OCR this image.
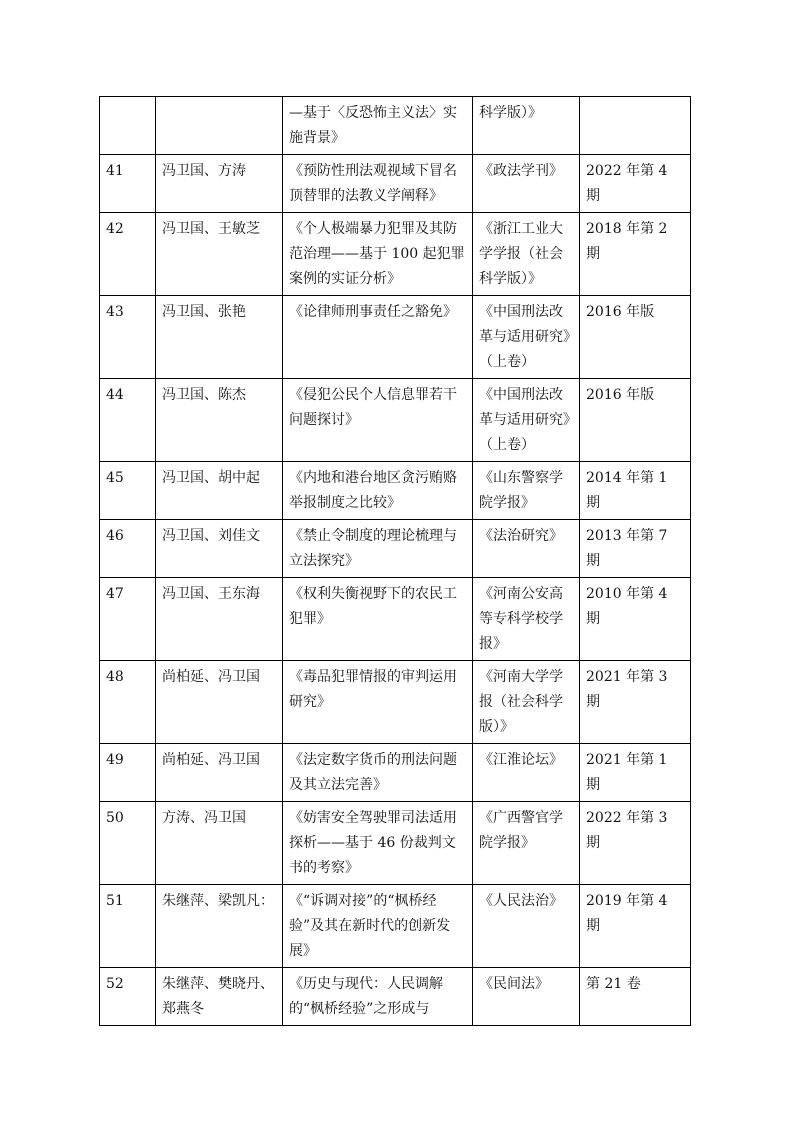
		—基于〈反恐怖主义法〉实施背景》	科学版）》	
41	冯卫国、方涛	《预防性刑法观视域下冒名顶替罪的法教义学阐释》	《政法学刊》	2022 年第 4 期
42	冯卫国、王敏芝	《个人极端暴力犯罪及其防范治理——基于 100 起犯罪案例的实证分析》	《浙江工业大学学报（社会科学版）》	2018 年第 2 期
43	冯卫国、张艳	《论律师刑事责任之豁免》	《中国刑法改革与适用研究》（上卷）	2016 年版
44	冯卫国、陈杰	《侵犯公民个人信息罪若干问题探讨》	《中国刑法改革与适用研究》（上卷）	2016 年版
45	冯卫国、胡中起	《内地和港台地区贪污贿赂举报制度之比较》	《山东警察学院学报》	2014 年第 1 期
46	冯卫国、刘佳文	《禁止令制度的理论梳理与立法探究》	《法治研究》	2013 年第 7 期
47	冯卫国、王东海	《权利失衡视野下的农民工犯罪》	《河南公安高等专科学校学报》	2010 年第 4 期
48	尚柏延、冯卫国	《毒品犯罪情报的审判运用研究》	《河南大学学报（社会科学版）》	2021 年第 3 期
49	尚柏延、冯卫国	《法定数字货币的刑法问题及其立法完善》	《江淮论坛》	2021 年第 1 期
50	方涛、冯卫国	《妨害安全驾驶罪司法适用探析——基于 46 份裁判文书的考察》	《广西警官学院学报》	2022 年第 3 期
51	朱继萍、梁凯凡：	《“诉调对接”的“枫桥经验”及其在新时代的创新发展》	《人民法治》	2019 年第 4 期
52	朱继萍、樊晓丹、郑燕冬	《历史与现代：人民调解的“枫桥经验”之形成与	《民间法》	第 21 卷
